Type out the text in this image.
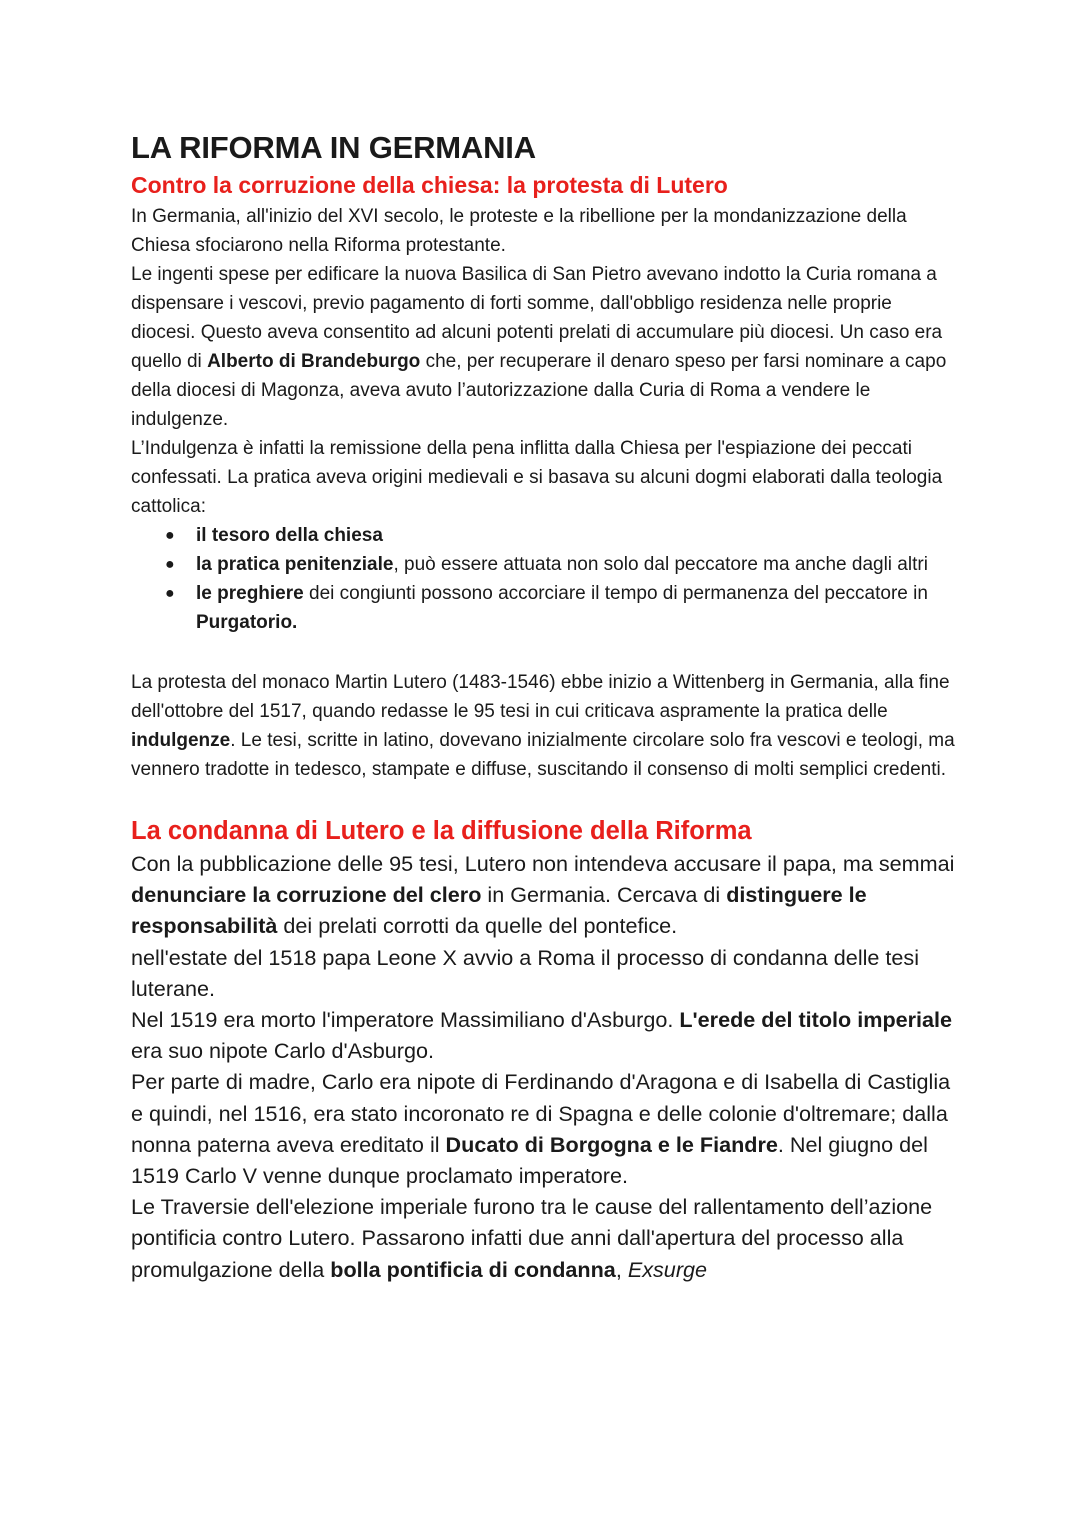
LA RIFORMA IN GERMANIA
Contro la corruzione della chiesa: la protesta di Lutero

In Germania, all'inizio del XVI secolo, le proteste e la ribellione per la mondanizzazione della Chiesa sfociarono nella Riforma protestante.

Le ingenti spese per edificare la nuova Basilica di San Pietro avevano indotto la Curia romana a dispensare i vescovi, previo pagamento di forti somme, dall'obbligo residenza nelle proprie diocesi. Questo aveva consentito ad alcuni potenti prelati di accumulare più diocesi. Un caso era quello di Alberto di Brandeburgo che, per recuperare il denaro speso per farsi nominare a capo della diocesi di Magonza, aveva avuto l’autorizzazione dalla Curia di Roma a vendere le indulgenze.

L’Indulgenza è infatti la remissione della pena inflitta dalla Chiesa per l'espiazione dei peccati confessati. La pratica aveva origini medievali e si basava su alcuni dogmi elaborati dalla teologia cattolica:

● il tesoro della chiesa
● la pratica penitenziale, può essere attuata non solo dal peccatore ma anche dagli altri
● le preghiere dei congiunti possono accorciare il tempo di permanenza del peccatore in Purgatorio.

La protesta del monaco Martin Lutero (1483-1546) ebbe inizio a Wittenberg in Germania, alla fine dell'ottobre del 1517, quando redasse le 95 tesi in cui criticava aspramente la pratica delle indulgenze. Le tesi, scritte in latino, dovevano inizialmente circolare solo fra vescovi e teologi, ma vennero tradotte in tedesco, stampate e diffuse, suscitando il consenso di molti semplici credenti.

La condanna di Lutero e la diffusione della Riforma

Con la pubblicazione delle 95 tesi, Lutero non intendeva accusare il papa, ma semmai denunciare la corruzione del clero in Germania. Cercava di distinguere le responsabilità dei prelati corrotti da quelle del pontefice.

nell'estate del 1518 papa Leone X avvio a Roma il processo di condanna delle tesi luterane.

Nel 1519 era morto l'imperatore Massimiliano d'Asburgo. L'erede del titolo imperiale era suo nipote Carlo d'Asburgo.

Per parte di madre, Carlo era nipote di Ferdinando d'Aragona e di Isabella di Castiglia e quindi, nel 1516, era stato incoronato re di Spagna e delle colonie d'oltremare; dalla nonna paterna aveva ereditato il Ducato di Borgogna e le Fiandre. Nel giugno del 1519 Carlo V venne dunque proclamato imperatore.

Le Traversie dell'elezione imperiale furono tra le cause del rallentamento dell’azione pontificia contro Lutero. Passarono infatti due anni dall'apertura del processo alla promulgazione della bolla pontificia di condanna, Exsurge
